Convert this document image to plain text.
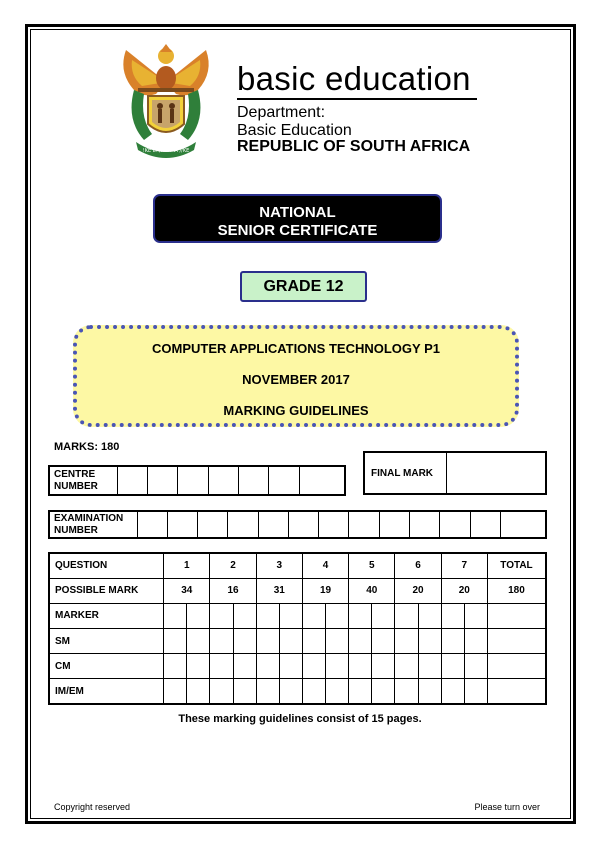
!KE E: /XARRA //KE
basic education
Department:
Basic Education
REPUBLIC OF SOUTH AFRICA
NATIONAL
SENIOR CERTIFICATE
GRADE 12
COMPUTER APPLICATIONS TECHNOLOGY P1
NOVEMBER 2017
MARKING GUIDELINES
MARKS: 180
CENTRE
NUMBER

FINAL MARK	
EXAMINATION
NUMBER

QUESTION	1		2		3		4		5		6		7		TOTAL
POSSIBLE MARK	34		16		31		19		40		20		20		180
MARKER															
SM															
CM															
IM/EM															
These marking guidelines consist of 15 pages.
Copyright reserved	Please turn over
